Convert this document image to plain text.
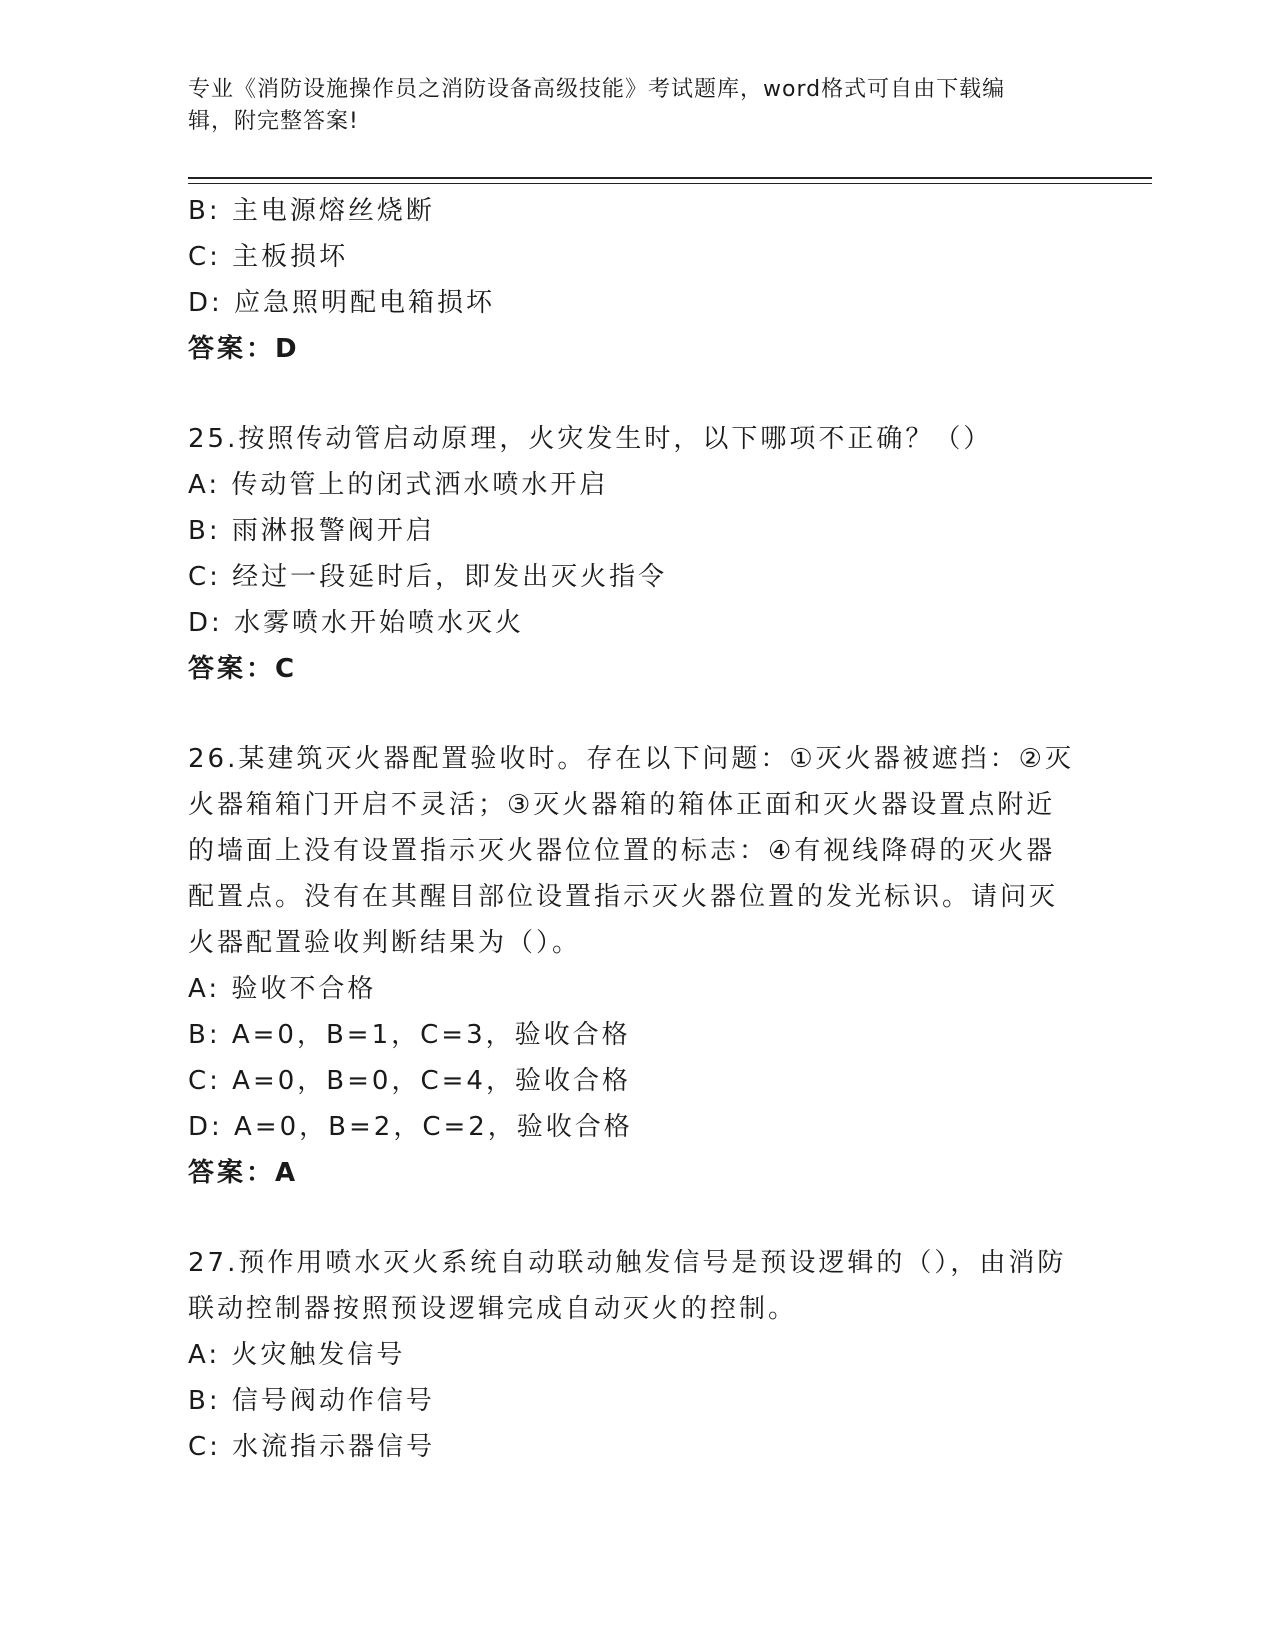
专业《消防设施操作员之消防设备高级技能》考试题库，word格式可自由下载编
辑，附完整答案!
B: 主电源熔丝烧断
C: 主板损坏
D: 应急照明配电箱损坏
答案：D
25.按照传动管启动原理，火灾发生时，以下哪项不正确？（）
A: 传动管上的闭式洒水喷水开启
B: 雨淋报警阀开启
C: 经过一段延时后，即发出灭火指令
D: 水雾喷水开始喷水灭火
答案：C
26.某建筑灭火器配置验收时。存在以下问题：①灭火器被遮挡：②灭
火器箱箱门开启不灵活；③灭火器箱的箱体正面和灭火器设置点附近
的墙面上没有设置指示灭火器位位置的标志：④有视线降碍的灭火器
配置点。没有在其醒目部位设置指示灭火器位置的发光标识。请问灭
火器配置验收判断结果为（）。
A: 验收不合格
B: A=0，B=1，C=3，验收合格
C: A=0，B=0，C=4，验收合格
D: A=0，B=2，C=2，验收合格
答案：A
27.预作用喷水灭火系统自动联动触发信号是预设逻辑的（），由消防
联动控制器按照预设逻辑完成自动灭火的控制。
A: 火灾触发信号
B: 信号阀动作信号
C: 水流指示器信号
